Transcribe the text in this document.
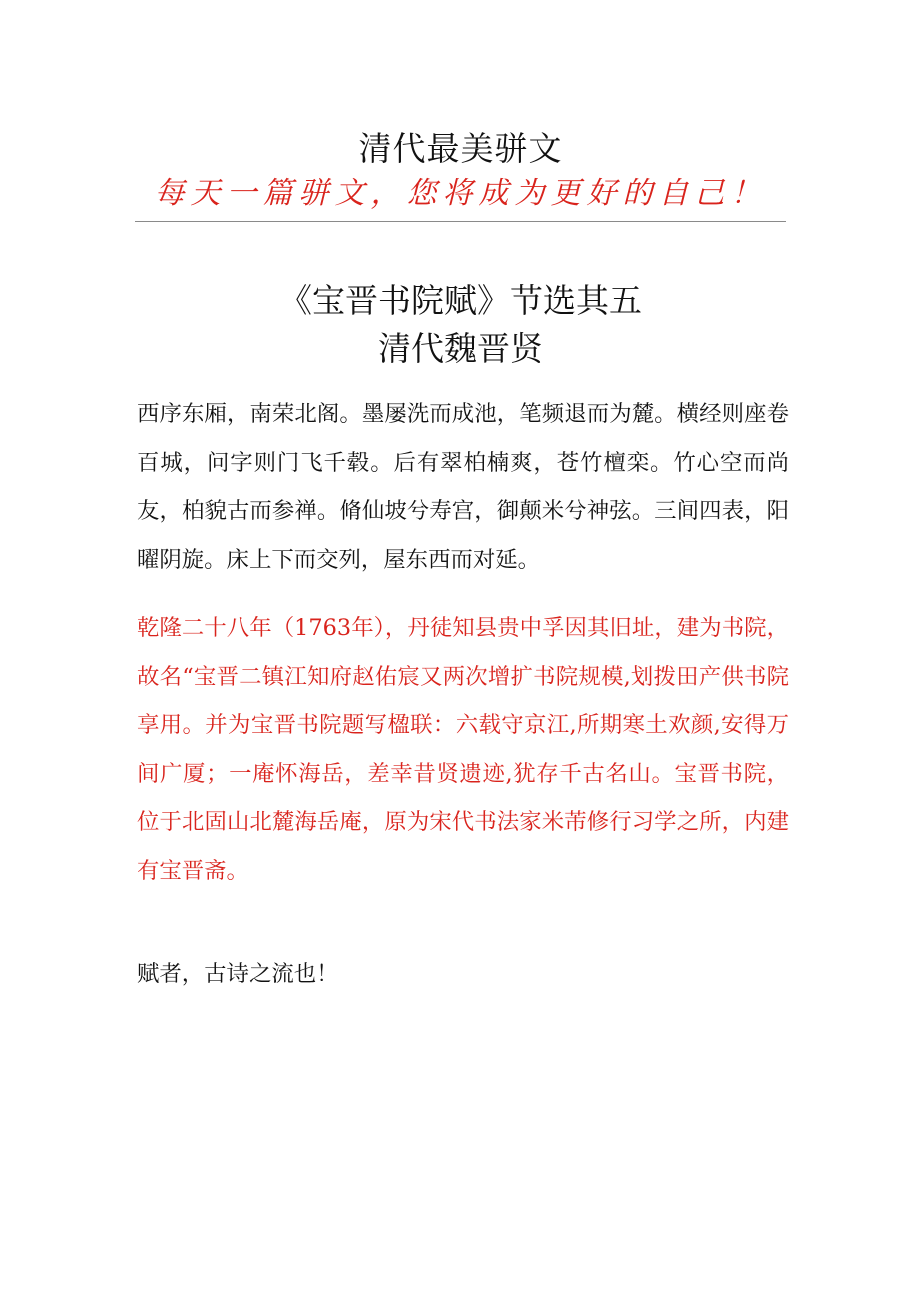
清代最美骈文

每天一篇骈文，您将成为更好的自己！

《宝晋书院赋》节选其五
清代魏晋贤

西序东厢，南荣北阁。墨屡洗而成池，笔频退而为麓。横经则座卷百城，问字则门飞千毂。后有翠柏楠爽，苍竹檀栾。竹心空而尚友，柏貌古而参禅。脩仙坡兮寿宫，御颠米兮神弦。三间四表，阳曜阴旋。床上下而交列，屋东西而对延。

乾隆二十八年（1763年），丹徒知县贵中孚因其旧址，建为书院，故名“宝晋二镇江知府赵佑宸又两次增扩书院规模,划拨田产供书院享用。并为宝晋书院题写楹联：六载守京江,所期寒土欢颜,安得万间广厦；一庵怀海岳，差幸昔贤遗迹,犹存千古名山。宝晋书院，位于北固山北麓海岳庵，原为宋代书法家米芾修行习学之所，内建有宝晋斋。

赋者，古诗之流也！
